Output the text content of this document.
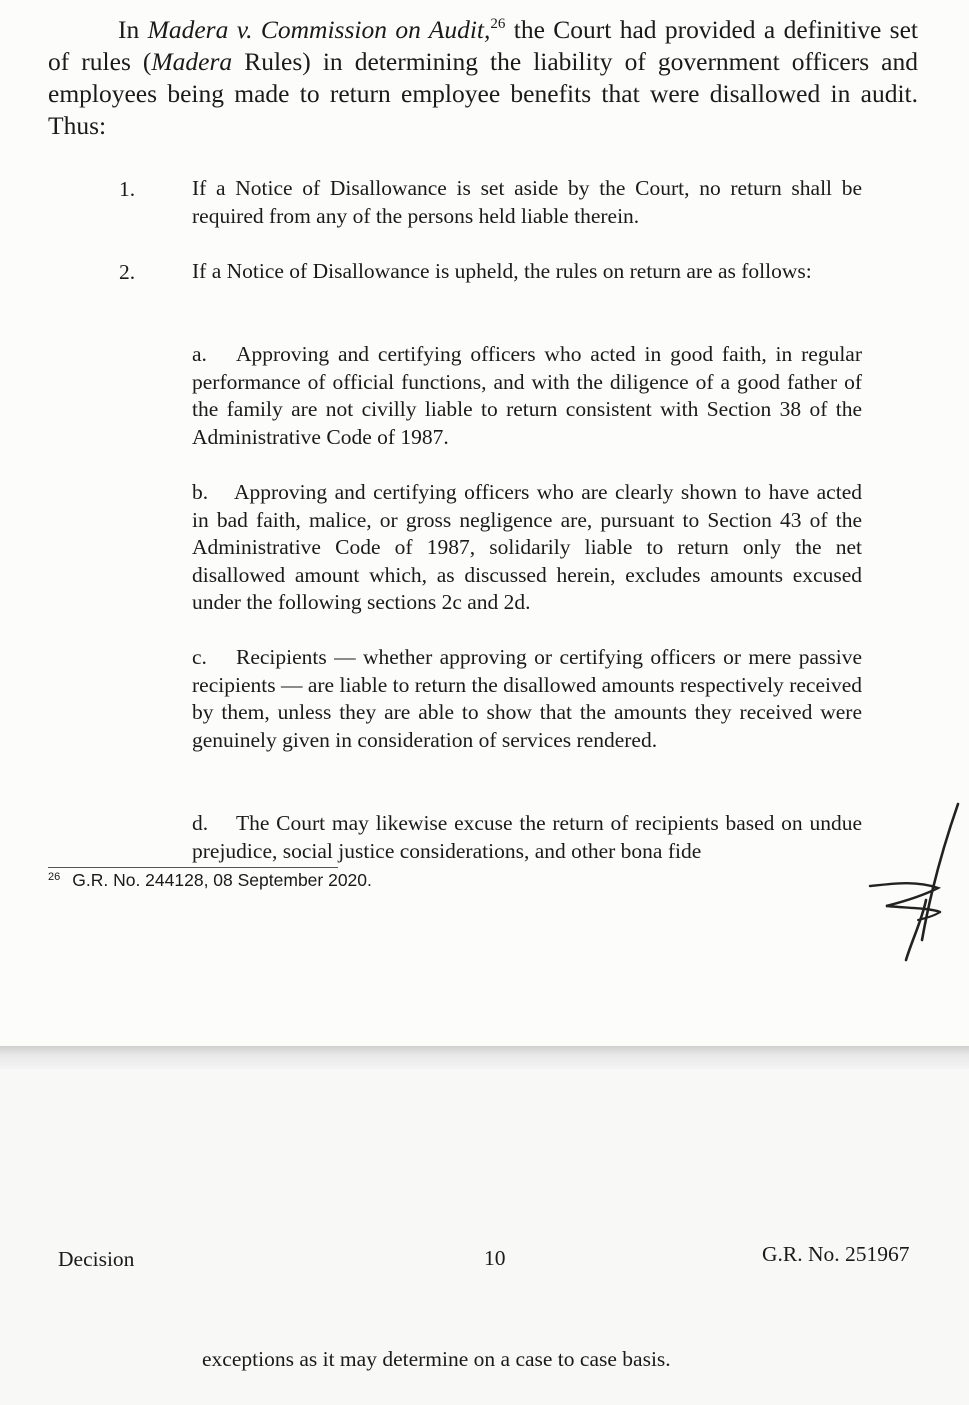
In Madera v. Commission on Audit,$^{26}$ the Court had provided a definitive set of rules (Madera Rules) in determining the liability of government officers and employees being made to return employee benefits that were disallowed in audit. Thus:

1.	If a Notice of Disallowance is set aside by the Court, no return shall be required from any of the persons held liable therein.

2.	If a Notice of Disallowance is upheld, the rules on return are as follows:

a. Approving and certifying officers who acted in good faith, in regular performance of official functions, and with the diligence of a good father of the family are not civilly liable to return consistent with Section 38 of the Administrative Code of 1987.

b. Approving and certifying officers who are clearly shown to have acted in bad faith, malice, or gross negligence are, pursuant to Section 43 of the Administrative Code of 1987, solidarily liable to return only the net disallowed amount which, as discussed herein, excludes amounts excused under the following sections 2c and 2d.

c. Recipients — whether approving or certifying officers or mere passive recipients — are liable to return the disallowed amounts respectively received by them, unless they are able to show that the amounts they received were genuinely given in consideration of services rendered.

d. The Court may likewise excuse the return of recipients based on undue prejudice, social justice considerations, and other bona fide

$^{26}$ G.R. No. 244128, 08 September 2020.
Decision	10	G.R. No. 251967
exceptions as it may determine on a case to case basis.
